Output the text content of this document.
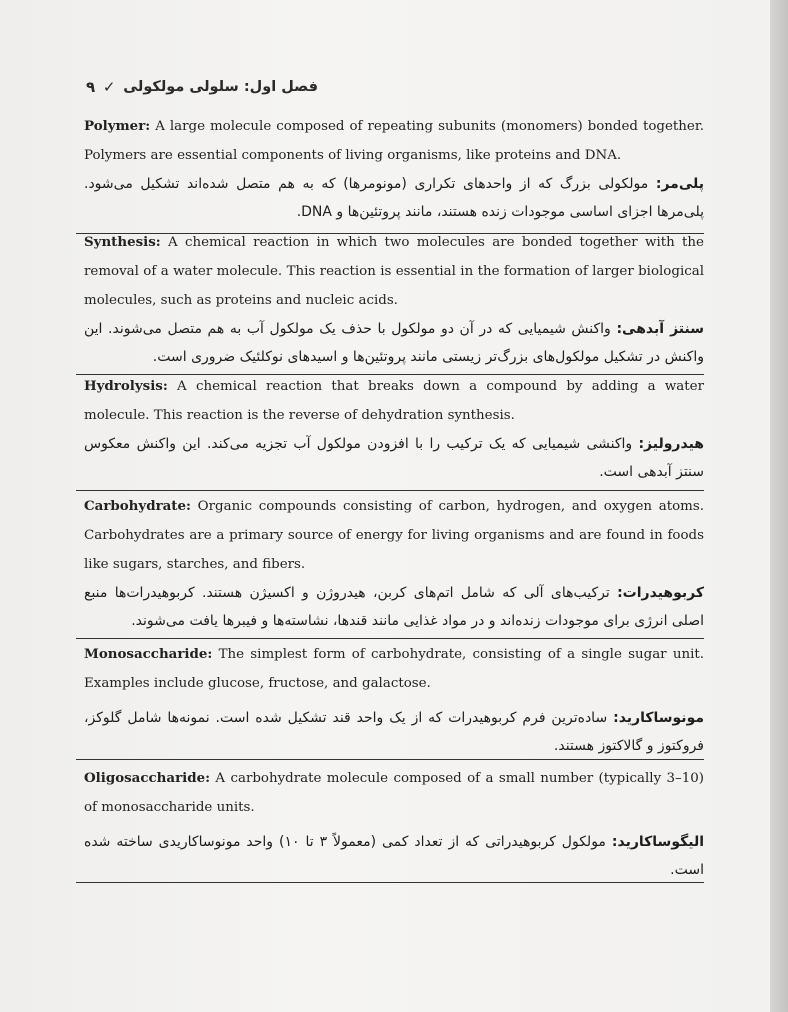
فصل اول: سلولی مولکولی
✓
۹
Polymer: A large molecule composed of repeating subunits (monomers) bonded together. Polymers are essential components of living organisms, like proteins and DNA.
پلی‌مر: مولکولی بزرگ که از واحدهای تکراری (مونومرها) که به هم متصل شده‌اند تشکیل می‌شود. پلی‌مرها اجزای اساسی موجودات زنده هستند، مانند پروتئین‌ها و DNA.
Synthesis: A chemical reaction in which two molecules are bonded together with the removal of a water molecule. This reaction is essential in the formation of larger biological molecules, such as proteins and nucleic acids.
سنتز آبدهی: واکنش شیمیایی که در آن دو مولکول با حذف یک مولکول آب به هم متصل می‌شوند. این واکنش در تشکیل مولکول‌های بزرگ‌تر زیستی مانند پروتئین‌ها و اسیدهای نوکلئیک ضروری است.
Hydrolysis: A chemical reaction that breaks down a compound by adding a water molecule. This reaction is the reverse of dehydration synthesis.
هیدرولیز: واکنشی شیمیایی که یک ترکیب را با افزودن مولکول آب تجزیه می‌کند. این واکنش معکوس سنتز آبدهی است.
Carbohydrate: Organic compounds consisting of carbon, hydrogen, and oxygen atoms. Carbohydrates are a primary source of energy for living organisms and are found in foods like sugars, starches, and fibers.
کربوهیدرات: ترکیب‌های آلی که شامل اتم‌های کربن، هیدروژن و اکسیژن هستند. کربوهیدرات‌ها منبع اصلی انرژی برای موجودات زنده‌اند و در مواد غذایی مانند قندها، نشاسته‌ها و فیبرها یافت می‌شوند.
Monosaccharide: The simplest form of carbohydrate, consisting of a single sugar unit. Examples include glucose, fructose, and galactose.
مونوساکارید: ساده‌ترین فرم کربوهیدرات که از یک واحد قند تشکیل شده است. نمونه‌ها شامل گلوکز، فروکتوز و گالاکتوز هستند.
Oligosaccharide: A carbohydrate molecule composed of a small number (typically 3–10) of monosaccharide units.
الیگوساکارید: مولکول کربوهیدراتی که از تعداد کمی (معمولاً ۳ تا ۱۰) واحد مونوساکاریدی ساخته شده است.
